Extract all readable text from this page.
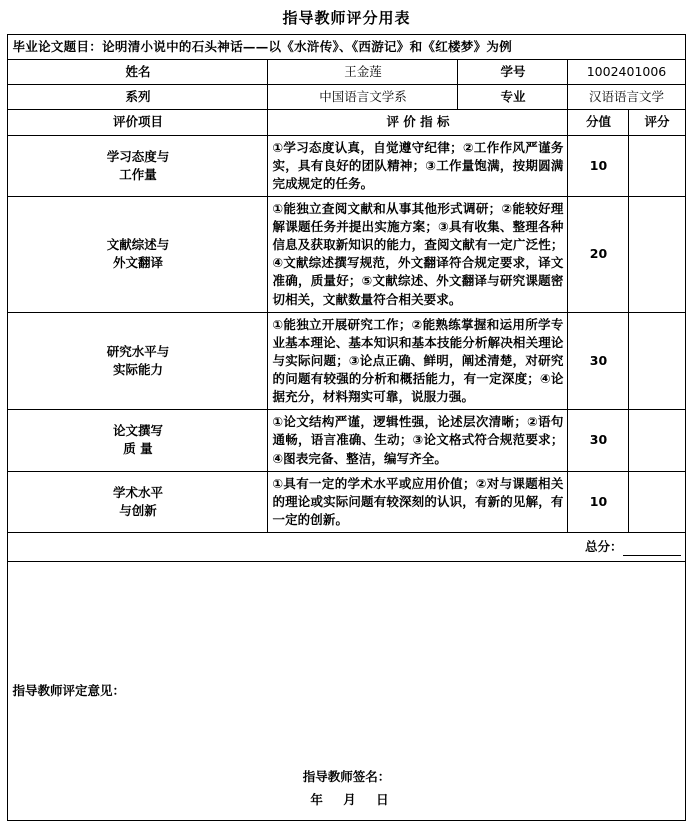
指导教师评分用表
毕业论文题目：论明清小说中的石头神话——以《水浒传》、《西游记》和《红楼梦》为例				
姓名	王金莲	学号	1002401006	
系列	中国语言文学系	专业	汉语语言文学	
评价项目	评 价 指 标		分值	评分

学习态度与
工作量	①学习态度认真，自觉遵守纪律；②工作作风严谨务实，具有良好的团队精神；③工作量饱满，按期圆满完成规定的任务。		10	

文献综述与
外文翻译	①能独立查阅文献和从事其他形式调研；②能较好理解课题任务并提出实施方案；③具有收集、整理各种信息及获取新知识的能力，查阅文献有一定广泛性；④文献综述撰写规范，外文翻译符合规定要求，译文准确，质量好；⑤文献综述、外文翻译与研究课题密切相关，文献数量符合相关要求。		20	

研究水平与
实际能力	①能独立开展研究工作；②能熟练掌握和运用所学专业基本理论、基本知识和基本技能分析解决相关理论与实际问题；③论点正确、鲜明，阐述清楚，对研究的问题有较强的分析和概括能力，有一定深度；④论据充分，材料翔实可靠，说服力强。		30	

论文撰写
质 量	①论文结构严谨，逻辑性强，论述层次清晰；②语句通畅，语言准确、生动；③论文格式符合规范要求；④图表完备、整洁，编写齐全。		30	

学术水平
与创新	①具有一定的学术水平或应用价值；②对与课题相关的理论或实际问题有较深刻的认识，有新的见解，有一定的创新。		10	
总分：				

指导教师评定意见：
指导教师签名：
年 月 日				
